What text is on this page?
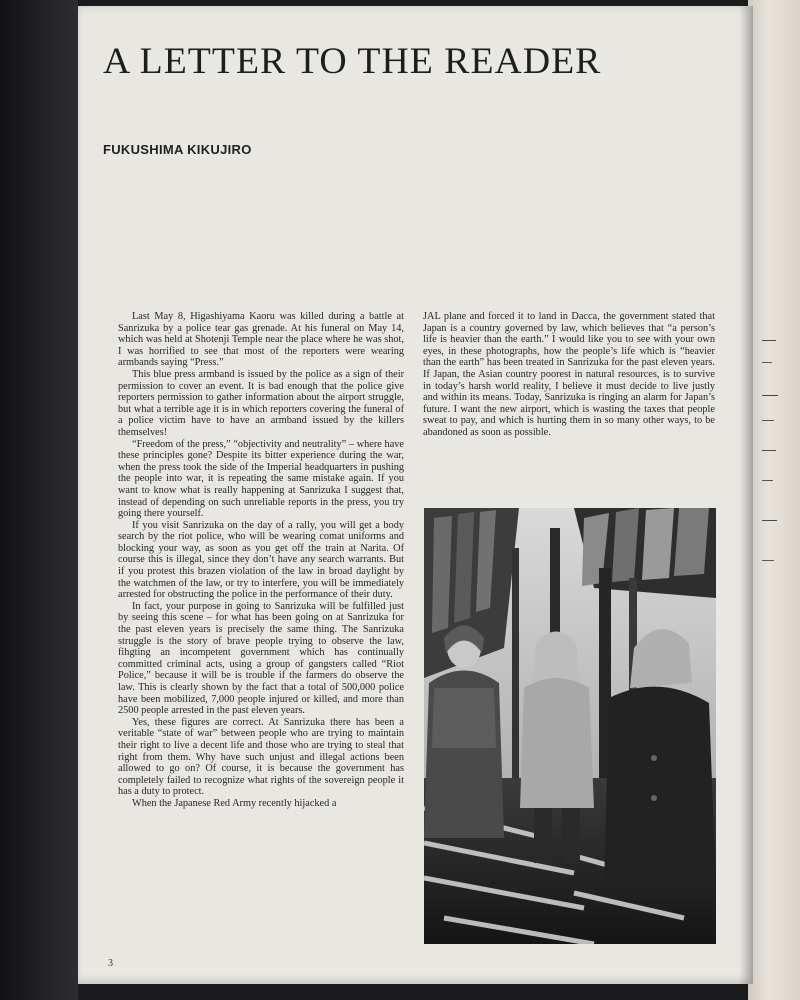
A LETTER TO THE READER
FUKUSHIMA KIKUJIRO

Last May 8, Higashiyama Kaoru was killed during a battle at Sanrizuka by a police tear gas grenade. At his funeral on May 14, which was held at Shotenji Temple near the place where he was shot, I was horrified to see that most of the reporters were wearing armbands saying “Press.”

This blue press armband is issued by the police as a sign of their permission to cover an event. It is bad enough that the police give reporters permission to gather information about the airport struggle, but what a terrible age it is in which reporters covering the funeral of a police victim have to have an armband issued by the killers themselves!

“Freedom of the press,” “objectivity and neutrality” – where have these principles gone? Despite its bitter experience during the war, when the press took the side of the Imperial headquarters in pushing the people into war, it is repeating the same mistake again. If you want to know what is really happening at Sanrizuka I suggest that, instead of depending on such unreliable reports in the press, you try going there yourself.

If you visit Sanrizuka on the day of a rally, you will get a body search by the riot police, who will be wearing comat uniforms and blocking your way, as soon as you get off the train at Narita. Of course this is illegal, since they don’t have any search warrants. But if you protest this brazen violation of the law in broad daylight by the watchmen of the law, or try to interfere, you will be immediately arrested for obstructing the police in the performance of their duty.

In fact, your purpose in going to Sanrizuka will be fulfilled just by seeing this scene – for what has been going on at Sanrizuka for the past eleven years is precisely the same thing. The Sanrizuka struggle is the story of brave people trying to observe the law, fihgting an incompetent government which has continually committed criminal acts, using a group of gangsters called “Riot Police,” because it will be is trouble if the farmers do observe the law. This is clearly shown by the fact that a total of 500,000 police have been mobilized, 7,000 people injured or killed, and more than 2500 people arrested in the past eleven years.

Yes, these figures are correct. At Sanrizuka there has been a veritable “state of war” between people who are trying to maintain their right to live a decent life and those who are trying to steal that right from them. Why have such unjust and illegal actions been allowed to go on? Of course, it is because the government has completely failed to recognize what rights of the sovereign people it has a duty to protect.

When the Japanese Red Army recently hijacked a

JAL plane and forced it to land in Dacca, the government stated that Japan is a country governed by law, which believes that “a person’s life is heavier than the earth.” I would like you to see with your own eyes, in these photographs, how the people’s life which is “heavier than the earth” has been treated in Sanrizuka for the past eleven years. If Japan, the Asian country poorest in natural resources, is to survive in today’s harsh world reality, I believe it must decide to live justly and within its means. Today, Sanrizuka is ringing an alarm for Japan’s future. I want the new airport, which is wasting the taxes that people sweat to pay, and which is hurting them in so many other ways, to be abandoned as soon as possible.

3
